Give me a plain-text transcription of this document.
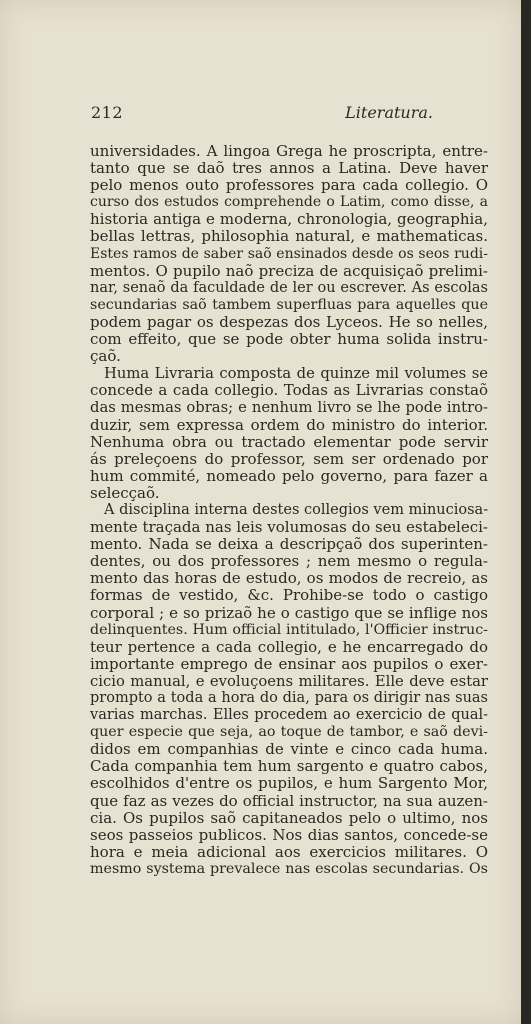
212	Literatura.
universidades. A lingoa Grega he proscripta, entre-
tanto que se daõ tres annos a Latina. Deve haver
pelo menos outo professores para cada collegio. O
curso dos estudos comprehende o Latim, como disse, a
historia antiga e moderna, chronologia, geographia,
bellas lettras, philosophia natural, e mathematicas.
Estes ramos de saber saõ ensinados desde os seos rudi-
mentos. O pupilo naõ preciza de acquisiçaõ prelimi-
nar, senaõ da faculdade de ler ou escrever. As escolas
secundarias saõ tambem superfluas para aquelles que
podem pagar os despezas dos Lyceos. He so nelles,
com effeito, que se pode obter huma solida instru-
çaõ.
Huma Livraria composta de quinze mil volumes se
concede a cada collegio. Todas as Livrarias constaõ
das mesmas obras; e nenhum livro se lhe pode intro-
duzir, sem expressa ordem do ministro do interior.
Nenhuma obra ou tractado elementar pode servir
ás preleçoens do professor, sem ser ordenado por
hum commité, nomeado pelo governo, para fazer a
selecçaõ.
A disciplina interna destes collegios vem minuciosa-
mente traçada nas leis volumosas do seu estabeleci-
mento. Nada se deixa a descripçaõ dos superinten-
dentes, ou dos professores ; nem mesmo o regula-
mento das horas de estudo, os modos de recreio, as
formas de vestido, &c. Prohibe-se todo o castigo
corporal ; e so prizaõ he o castigo que se inflige nos
delinquentes. Hum official intitulado, l'Officier instruc-
teur pertence a cada collegio, e he encarregado do
importante emprego de ensinar aos pupilos o exer-
cicio manual, e evoluçoens militares. Elle deve estar
prompto a toda a hora do dia, para os dirigir nas suas
varias marchas. Elles procedem ao exercicio de qual-
quer especie que seja, ao toque de tambor, e saõ devi-
didos em companhias de vinte e cinco cada huma.
Cada companhia tem hum sargento e quatro cabos,
escolhidos d'entre os pupilos, e hum Sargento Mor,
que faz as vezes do official instructor, na sua auzen-
cia. Os pupilos saõ capitaneados pelo o ultimo, nos
seos passeios publicos. Nos dias santos, concede-se
hora e meia adicional aos exercicios militares. O
mesmo systema prevalece nas escolas secundarias. Os
